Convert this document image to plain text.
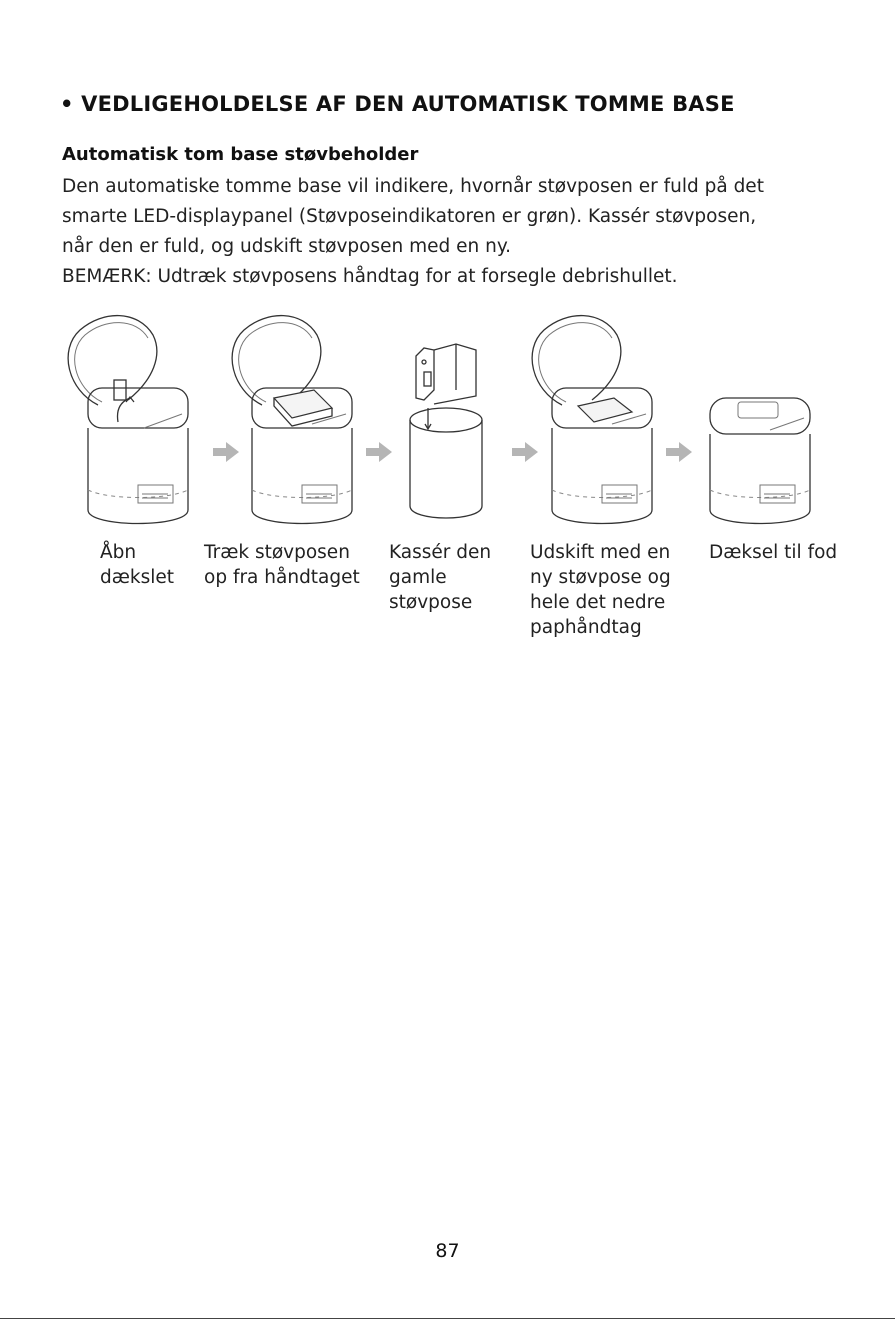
• VEDLIGEHOLDELSE AF DEN AUTOMATISK TOMME BASE
Automatisk tom base støvbeholder

Den automatiske tomme base vil indikere, hvornår støvposen er fuld på det

smarte LED-displaypanel (Støvposeindikatoren er grøn). Kassér støvposen,

når den er fuld, og udskift støvposen med en ny.

BEMÆRK: Udtræk støvposens håndtag for at forsegle debrishullet.

Åbn
dækslet
Træk støvposen
op fra håndtaget
Kassér den
gamle
støvpose
Udskift med en
ny støvpose og
hele det nedre
paphåndtag
Dæksel til fod
87
